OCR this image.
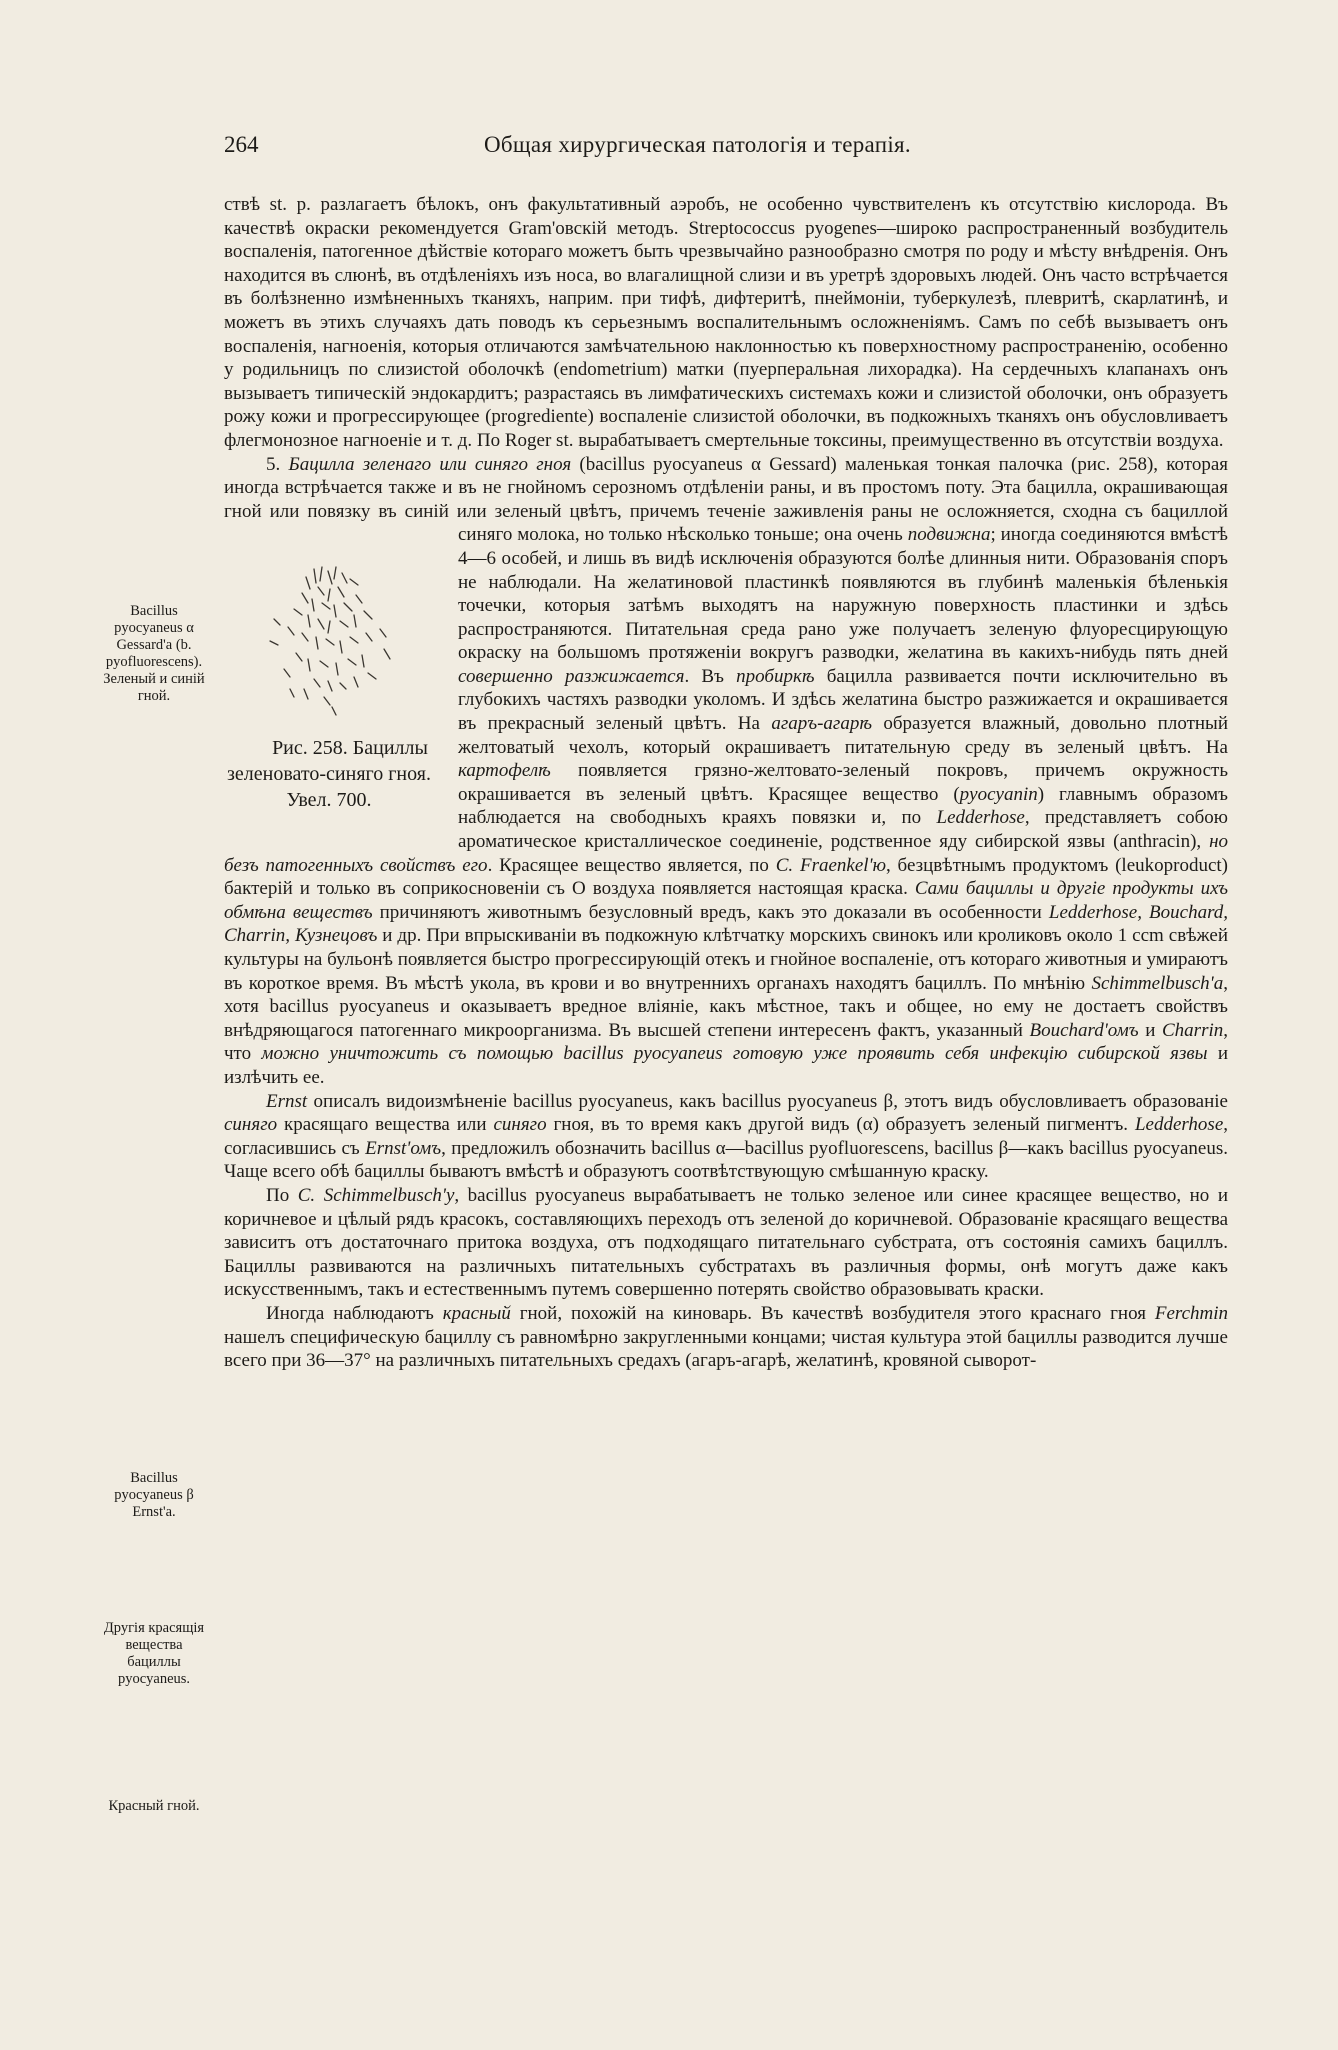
264	Общая хирургическая патологія и терапія.
Bacillus pyocyaneus α Gessard'a (b. pyofluorescens). Зеленый и синій гной.
Bacillus pyocyaneus β Ernst'a.
Другія красящія вещества бациллы pyocyaneus.
Красный гной.

ствѣ st. p. разлагаетъ бѣлокъ, онъ факультативный аэробъ, не особенно чувствителенъ къ отсутствію кислорода. Въ качествѣ окраски рекомендуется Gram'овскій методъ. Streptococcus pyogenes—широко распространенный возбудитель воспаленія, патогенное дѣйствіе котораго можетъ быть чрезвычайно разнообразно смотря по роду и мѣсту внѣдренія. Онъ находится въ слюнѣ, въ отдѣленіяхъ изъ носа, во влагалищной слизи и въ уретрѣ здоровыхъ людей. Онъ часто встрѣчается въ болѣзненно измѣненныхъ тканяхъ, наприм. при тифѣ, дифтеритѣ, пнеймоніи, туберкулезѣ, плевритѣ, скарлатинѣ, и можетъ въ этихъ случаяхъ дать поводъ къ серьезнымъ воспалительнымъ осложненіямъ. Самъ по себѣ вызываетъ онъ воспаленія, нагноенія, которыя отличаются замѣчательною наклонностью къ поверхностному распространенію, особенно у родильницъ по слизистой оболочкѣ (endometrium) матки (пуерперальная лихорадка). На сердечныхъ клапанахъ онъ вызываетъ типическій эндокардитъ; разрастаясь въ лимфатическихъ системахъ кожи и слизистой оболочки, онъ образуетъ рожу кожи и прогрессирующее (progrediente) воспаленіе слизистой оболочки, въ подкожныхъ тканяхъ онъ обусловливаетъ флегмонозное нагноеніе и т. д. По Roger st. вырабатываетъ смертельные токсины, преимущественно въ отсутствіи воздуха.

5. Бацилла зеленаго или синяго гноя (bacillus pyocyaneus α Gessard) маленькая тонкая палочка (рис. 258), которая иногда встрѣчается также и въ не гнойномъ серозномъ отдѣленіи раны, и въ простомъ поту. Эта бацилла, окрашивающая гной или повязку въ синій или зеленый цвѣтъ, причемъ теченіе заживленія раны не осложняется, сходна съ бациллой синяго молока, но только нѣсколько тоньше; она очень
Рис. 258. Бациллы зеленовато-синяго гноя. Увел. 700.
подвижна; иногда соединяются вмѣстѣ 4—6 особей, и лишь въ видѣ исключенія образуются болѣе длинныя нити. Образованія споръ не наблюдали. На желатиновой пластинкѣ появляются въ глубинѣ маленькія бѣленькія точечки, которыя затѣмъ выходятъ на наружную поверхность пластинки и здѣсь распространяются. Питательная среда рано уже получаетъ зеленую флуоресцирующую окраску на большомъ протяженіи вокругъ разводки, желатина въ какихъ-нибудь пять дней совершенно разжижается. Въ пробиркѣ бацилла развивается почти исключительно въ глубокихъ частяхъ разводки уколомъ. И здѣсь желатина быстро разжижается и окрашивается въ прекрасный зеленый цвѣтъ. На агаръ-агарѣ образуется влажный, довольно плотный желтоватый чехолъ, который окрашиваетъ питательную среду въ зеленый цвѣтъ. На картофелѣ появляется грязно-желтовато-зеленый покровъ, причемъ окружность окрашивается въ зеленый цвѣтъ. Красящее вещество (pyocyanin) главнымъ образомъ наблюдается на свободныхъ краяхъ повязки и, по Ledderhose, представляетъ собою ароматическое кристаллическое соединеніе, родственное яду сибирской язвы (anthracin), но безъ патогенныхъ свойствъ его. Красящее вещество является, по C. Fraenkel'ю, безцвѣтнымъ продуктомъ (leukoproduct) бактерій и только въ соприкосновеніи съ O воздуха появляется настоящая краска. Сами бациллы и другіе продукты ихъ обмѣна веществъ причиняютъ животнымъ безусловный вредъ, какъ это доказали въ особенности Ledderhose, Bouchard, Charrin, Кузнецовъ и др. При впрыскиваніи въ подкожную клѣтчатку морскихъ свинокъ или кроликовъ около 1 ccm свѣжей культуры на бульонѣ появляется быстро прогрессирующій отекъ и гнойное воспаленіе, отъ котораго животныя и умираютъ въ короткое время. Въ мѣстѣ укола, въ крови и во внутреннихъ органахъ находятъ бациллъ. По мнѣнію Schimmelbusch'a, хотя bacillus pyocyaneus и оказываетъ вредное вліяніе, какъ мѣстное, такъ и общее, но ему не достаетъ свойствъ внѣдряющагося патогеннаго микроорганизма. Въ высшей степени интересенъ фактъ, указанный Bouchard'омъ и Charrin, что можно уничтожить съ помощью bacillus pyocyaneus готовую уже проявить себя инфекцію сибирской язвы и излѣчить ее.

Ernst описалъ видоизмѣненіе bacillus pyocyaneus, какъ bacillus pyocyaneus β, этотъ видъ обусловливаетъ образованіе синяго красящаго вещества или синяго гноя, въ то время какъ другой видъ (α) образуетъ зеленый пигментъ. Ledderhose, согласившись съ Ernst'омъ, предложилъ обозначить bacillus α—bacillus pyofluorescens, bacillus β—какъ bacillus pyocyaneus. Чаще всего обѣ бациллы бываютъ вмѣстѣ и образуютъ соотвѣтствующую смѣшанную краску.

По C. Schimmelbusch'y, bacillus pyocyaneus вырабатываетъ не только зеленое или синее красящее вещество, но и коричневое и цѣлый рядъ красокъ, составляющихъ переходъ отъ зеленой до коричневой. Образованіе красящаго вещества зависитъ отъ достаточнаго притока воздуха, отъ подходящаго питательнаго субстрата, отъ состоянія самихъ бациллъ. Бациллы развиваются на различныхъ питательныхъ субстратахъ въ различныя формы, онѣ могутъ даже какъ искусственнымъ, такъ и естественнымъ путемъ совершенно потерять свойство образовывать краски.

Иногда наблюдаютъ красный гной, похожій на киноварь. Въ качествѣ возбудителя этого краснаго гноя Ferchmin нашелъ специфическую бациллу съ равномѣрно закругленными концами; чистая культура этой бациллы разводится лучше всего при 36—37° на различныхъ питательныхъ средахъ (агаръ-агарѣ, желатинѣ, кровяной сыворот-
